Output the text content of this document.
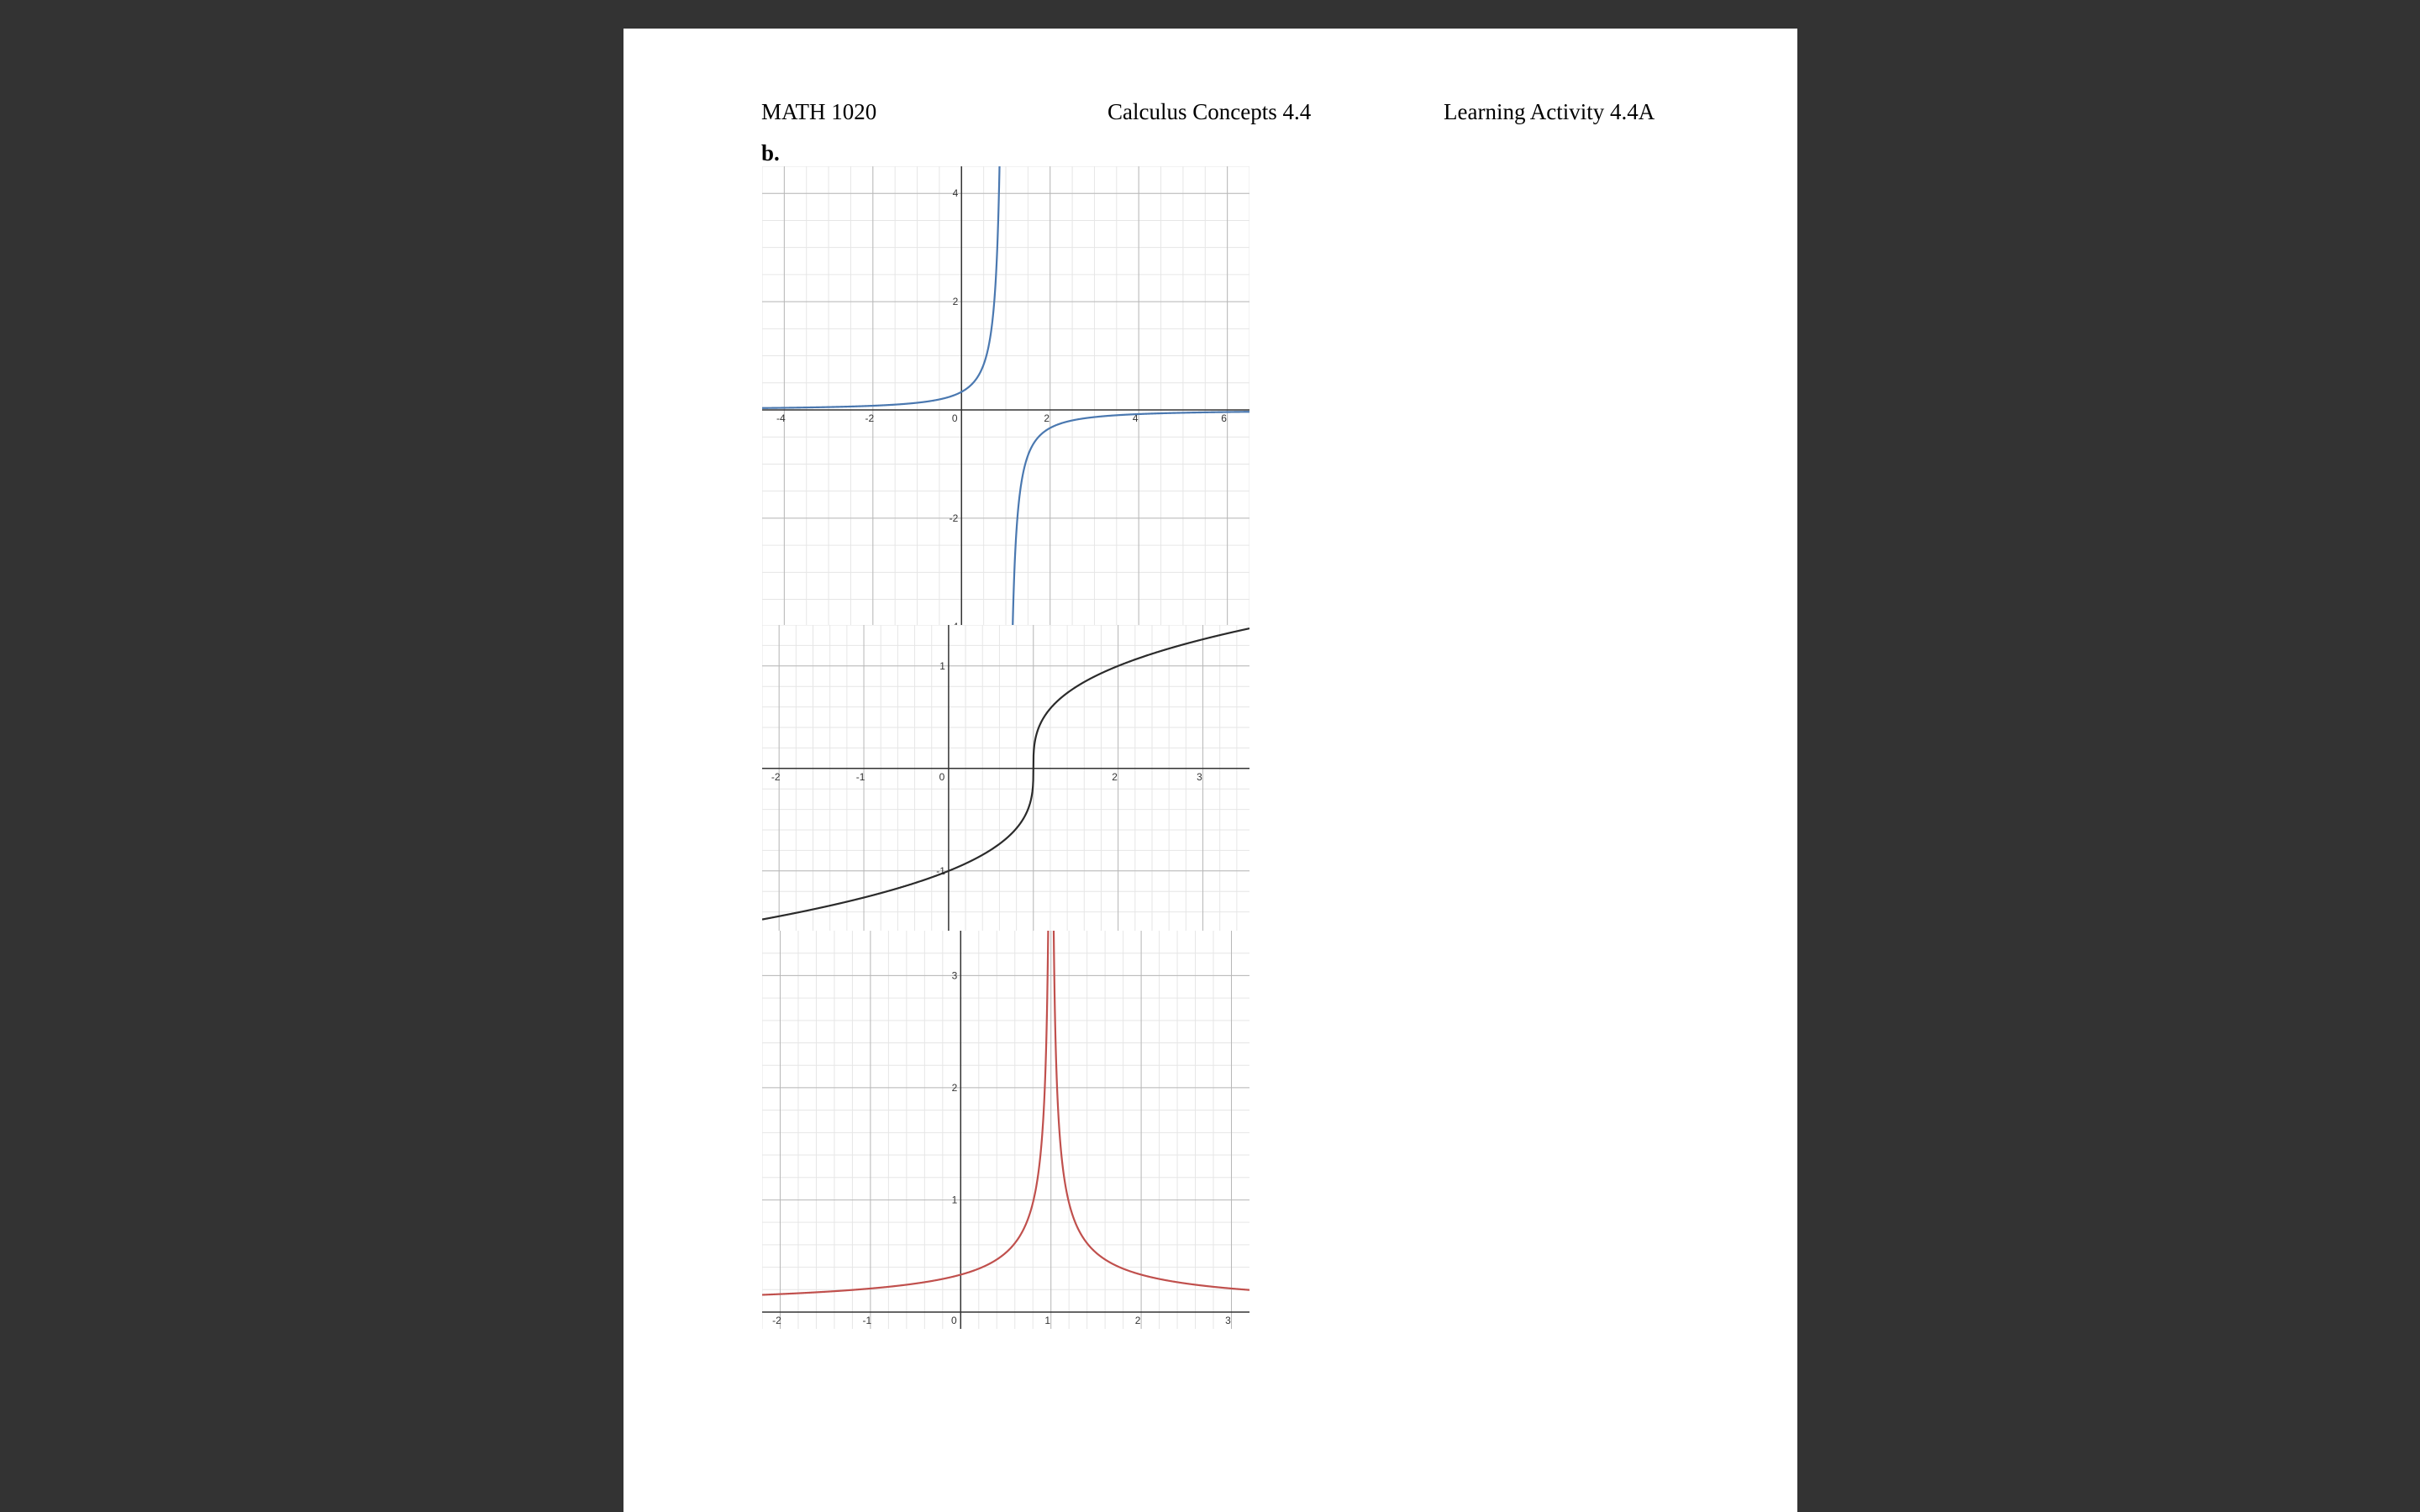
MATH 1020	Calculus Concepts 4.4	Learning Activity 4.4A
b.
-4	-2	0	2	4	6
-2
2
4
-2	-1	0	2	3
1
-1
-2	-1	0	1	2	3
1
2
3
